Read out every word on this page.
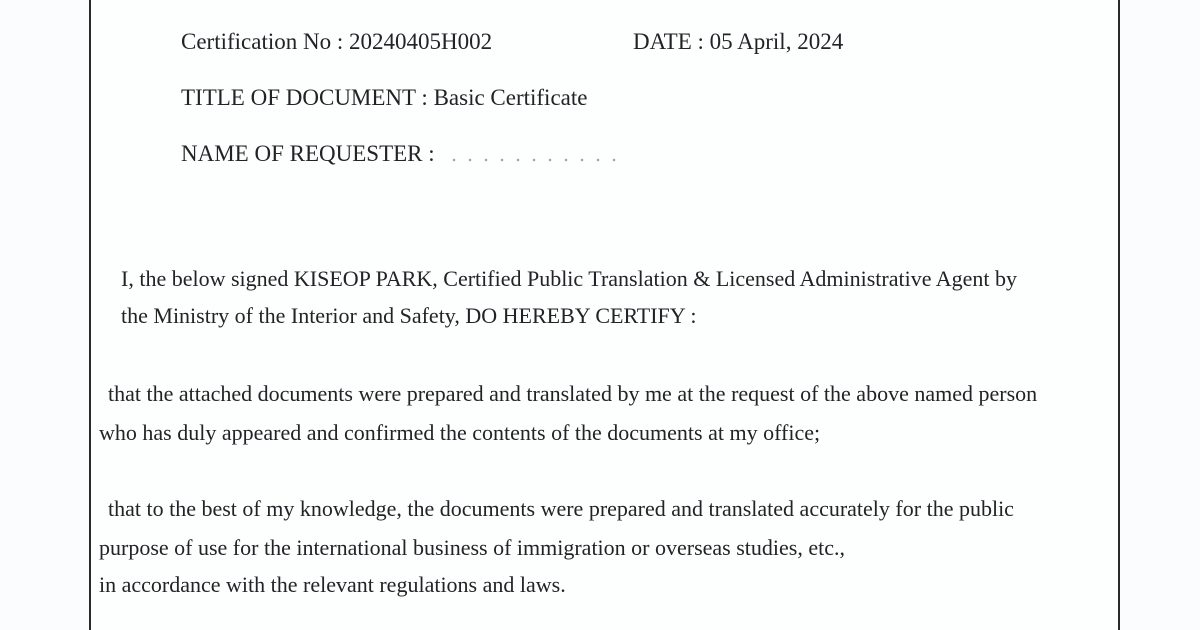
Certification No : 20240405H002	DATE : 05 April, 2024
TITLE OF DOCUMENT : Basic Certificate
NAME OF REQUESTER :
I, the below signed KISEOP PARK, Certified Public Translation & Licensed Administrative Agent by
the Ministry of the Interior and Safety, DO HEREBY CERTIFY :
that the attached documents were prepared and translated by me at the request of the above named person
who has duly appeared and confirmed the contents of the documents at my office;
that to the best of my knowledge, the documents were prepared and translated accurately for the public
purpose of use for the international business of immigration or overseas studies, etc.,
in accordance with the relevant regulations and laws.
